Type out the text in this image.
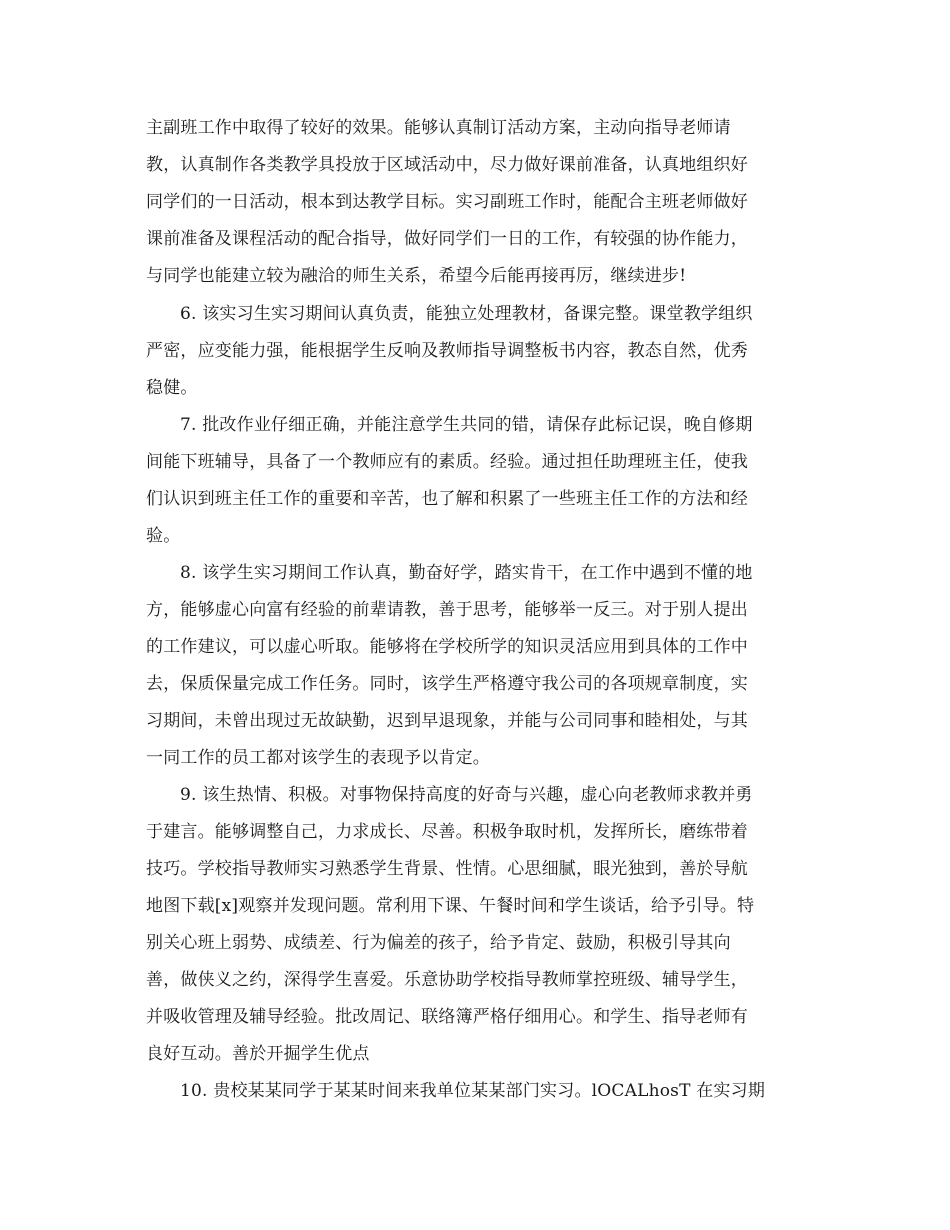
主副班工作中取得了较好的效果。能够认真制订活动方案，主动向指导老师请
教，认真制作各类教学具投放于区域活动中，尽力做好课前准备，认真地组织好
同学们的一日活动，根本到达教学目标。实习副班工作时，能配合主班老师做好
课前准备及课程活动的配合指导，做好同学们一日的工作，有较强的协作能力，
与同学也能建立较为融洽的师生关系，希望今后能再接再厉，继续进步!
6. 该实习生实习期间认真负责，能独立处理教材，备课完整。课堂教学组织
严密，应变能力强，能根据学生反响及教师指导调整板书内容，教态自然，优秀
稳健。
7. 批改作业仔细正确，并能注意学生共同的错，请保存此标记误，晚自修期
间能下班辅导，具备了一个教师应有的素质。经验。通过担任助理班主任，使我
们认识到班主任工作的重要和辛苦，也了解和积累了一些班主任工作的方法和经
验。
8. 该学生实习期间工作认真，勤奋好学，踏实肯干，在工作中遇到不懂的地
方，能够虚心向富有经验的前辈请教，善于思考，能够举一反三。对于别人提出
的工作建议，可以虚心听取。能够将在学校所学的知识灵活应用到具体的工作中
去，保质保量完成工作任务。同时，该学生严格遵守我公司的各项规章制度，实
习期间，未曾出现过无故缺勤，迟到早退现象，并能与公司同事和睦相处，与其
一同工作的员工都对该学生的表现予以肯定。
9. 该生热情、积极。对事物保持高度的好奇与兴趣，虚心向老教师求教并勇
于建言。能够调整自己，力求成长、尽善。积极争取时机，发挥所长，磨练带着
技巧。学校指导教师实习熟悉学生背景、性情。心思细腻，眼光独到，善於导航
地图下载[x]观察并发现问题。常利用下课、午餐时间和学生谈话，给予引导。特
别关心班上弱势、成绩差、行为偏差的孩子，给予肯定、鼓励，积极引导其向
善，做侠义之约，深得学生喜爱。乐意协助学校指导教师掌控班级、辅导学生，
并吸收管理及辅导经验。批改周记、联络簿严格仔细用心。和学生、指导老师有
良好互动。善於开掘学生优点
10. 贵校某某同学于某某时间来我单位某某部门实习。lOCALhosT 在实习期
